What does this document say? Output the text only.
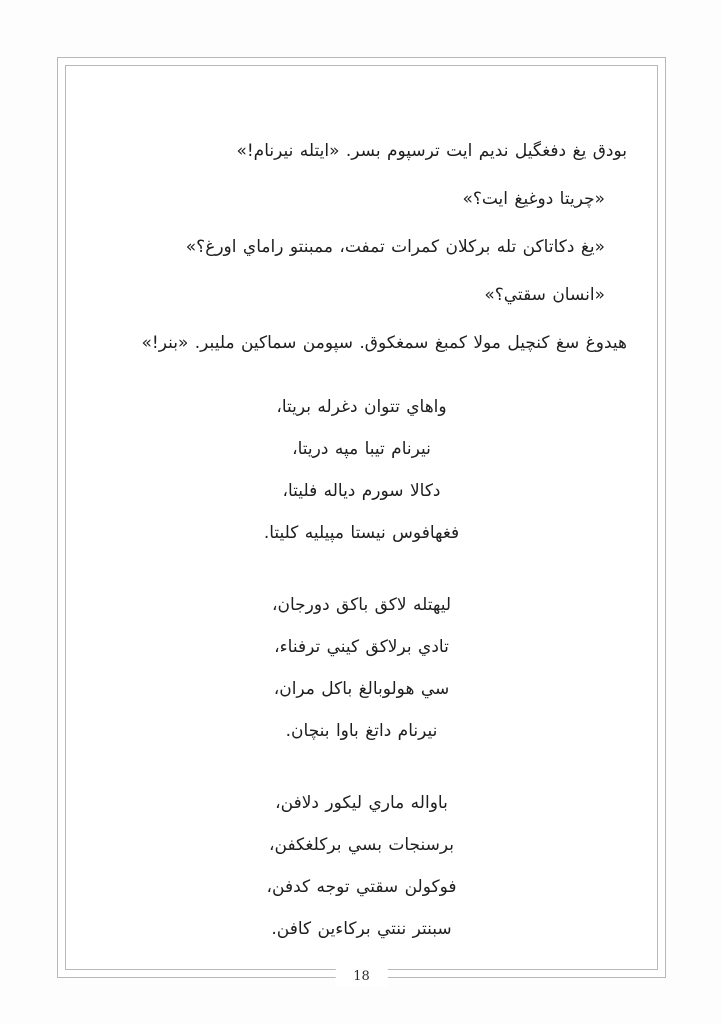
بودق يغ دفغگيل نديم ايت ترسپوم بسر. «ايتله نيرنام!»

«چريتا دوغيغ ايت؟»

«يغ دكاتاكن تله بركلان كمرات تمفت، ممبنتو راماي اورغ؟»

«انسان سقتي؟»

هيدوغ سغ كنچيل مولا كمبغ سمغكوق. سپومن سماكين مليبر. «بنر!»

واهاي تتوان دغرله بريتا،

نيرنام تيبا مپه دريتا،

دكالا سورم دياله فليتا،

فغهافوس نيستا مپيليه كليتا.

ليهتله لاكق باكق دورجان،

تادي برلاكق كيني ترفناء،

سي هولوبالغ باكل مران،

نيرنام داتغ باوا بنچان.

باواله ماري ليكور دلافن،

برسنجات بسي بركلغكفن،

فوكولن سقتي توجه كدفن،

سبنتر ننتي بركاءين كافن.

18
